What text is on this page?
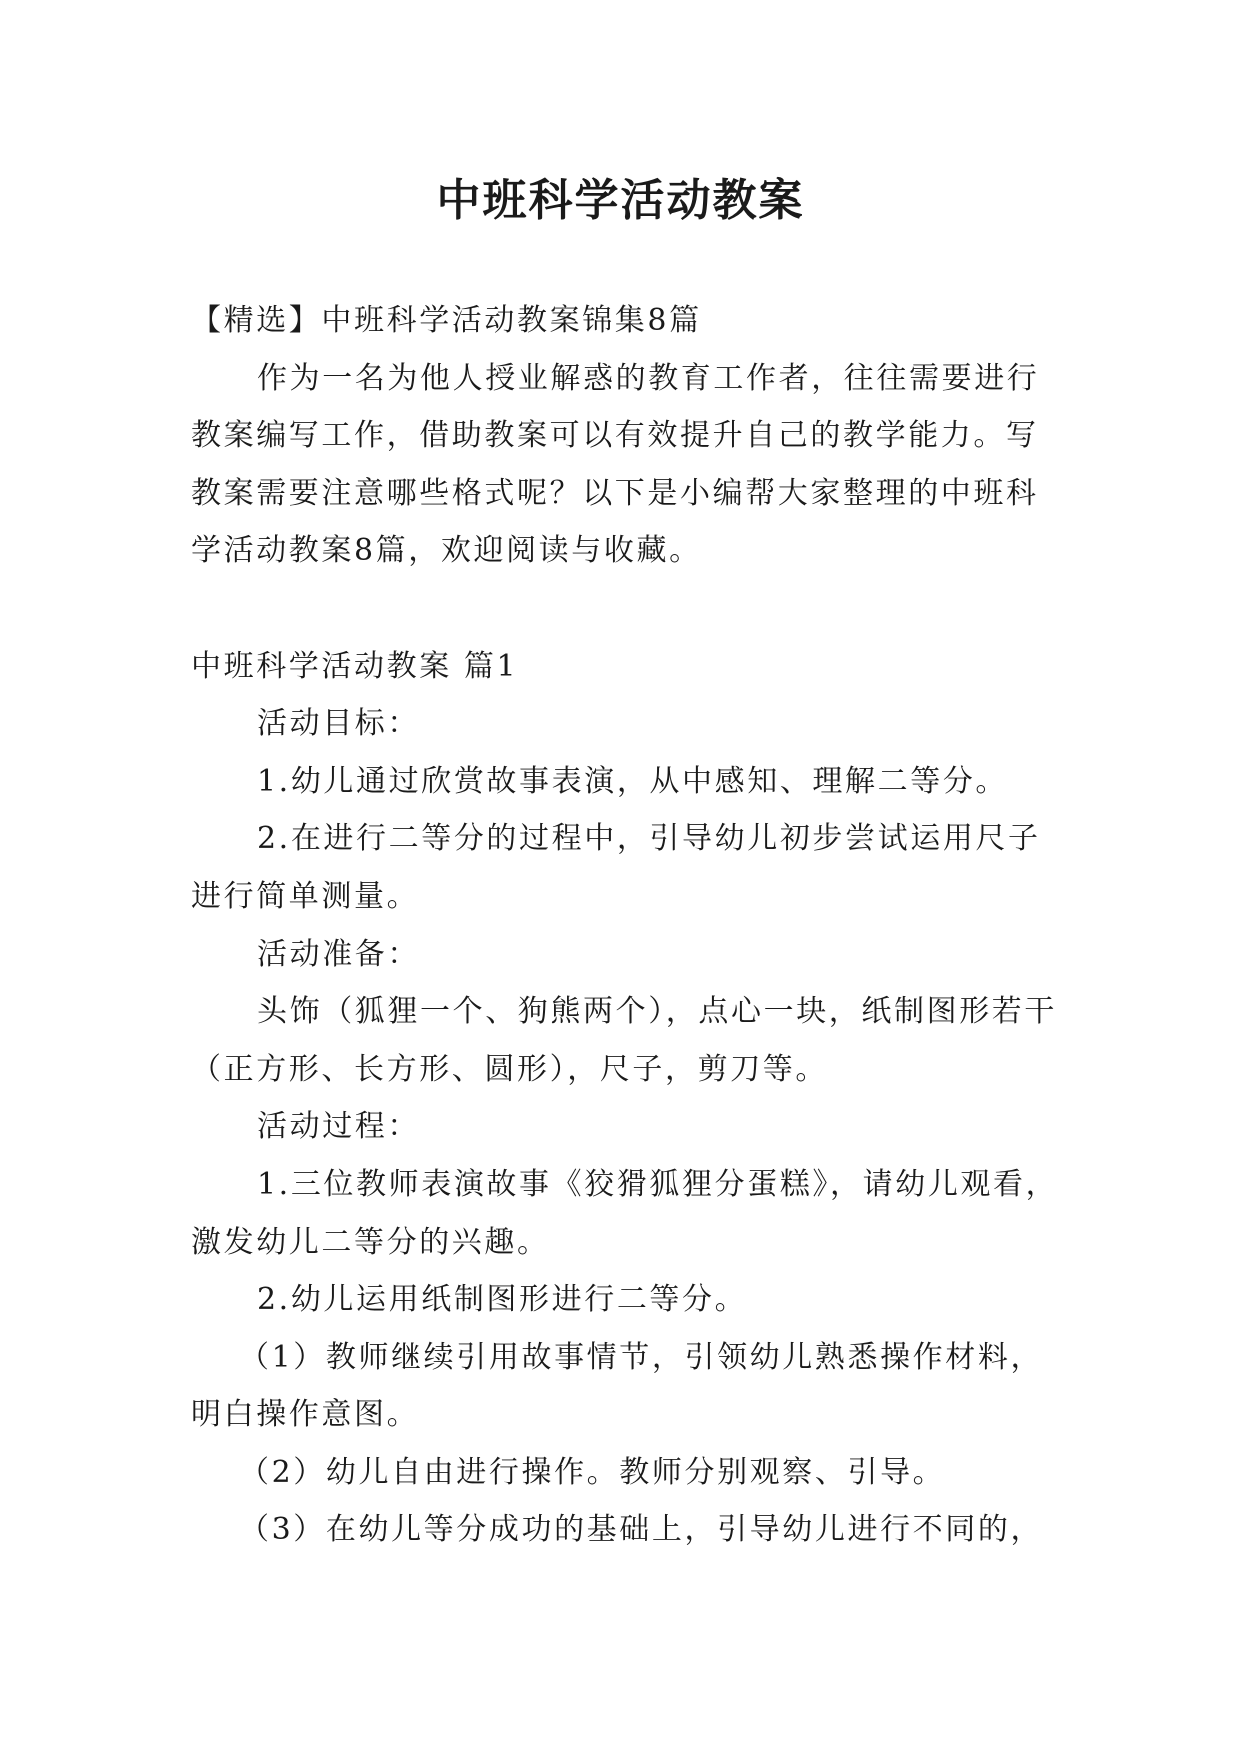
中班科学活动教案

【精选】中班科学活动教案锦集8篇

作为一名为他人授业解惑的教育工作者，往往需要进行教案编写工作，借助教案可以有效提升自己的教学能力。写教案需要注意哪些格式呢？以下是小编帮大家整理的中班科学活动教案8篇，欢迎阅读与收藏。

中班科学活动教案 篇1

活动目标：

1.幼儿通过欣赏故事表演，从中感知、理解二等分。

2.在进行二等分的过程中，引导幼儿初步尝试运用尺子进行简单测量。

活动准备：

头饰（狐狸一个、狗熊两个），点心一块，纸制图形若干（正方形、长方形、圆形），尺子，剪刀等。

活动过程：

1.三位教师表演故事《狡猾狐狸分蛋糕》，请幼儿观看，激发幼儿二等分的兴趣。

2.幼儿运用纸制图形进行二等分。

（1）教师继续引用故事情节，引领幼儿熟悉操作材料，明白操作意图。

（2）幼儿自由进行操作。教师分别观察、引导。

（3）在幼儿等分成功的基础上，引导幼儿进行不同的，
